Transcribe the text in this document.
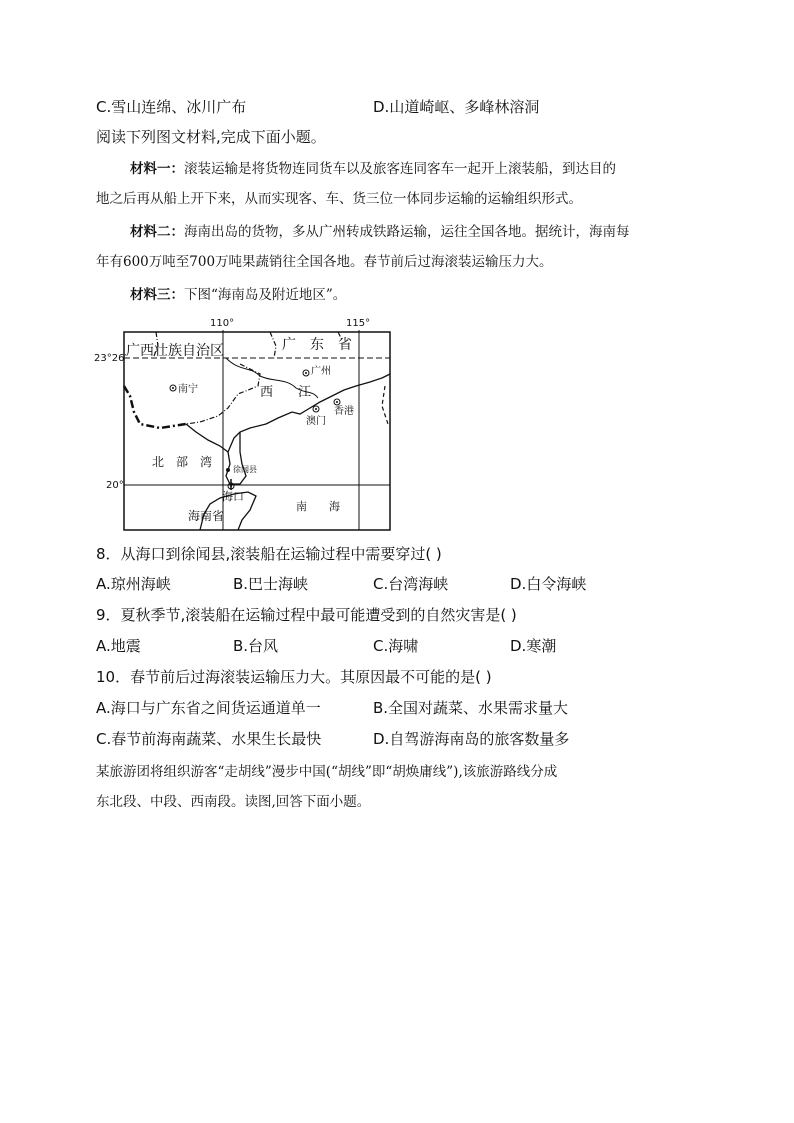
C.雪山连绵、冰川广布	D.山道崎岖、多峰林溶洞
阅读下列图文材料,完成下面小题。
材料一：滚装运输是将货物连同货车以及旅客连同客车一起开上滚装船，到达目的
地之后再从船上开下来，从而实现客、车、货三位一体同步运输的运输组织形式。
材料二：海南出岛的货物，多从广州转成铁路运输，运往全国各地。据统计，海南每
年有600万吨至700万吨果蔬销往全国各地。春节前后过海滚装运输压力大。
材料三：下图“海南岛及附近地区”。
110°	115°
23°26′
20°
广西壮族自治区	广　东　省
南宁
广州
西 江
澳门
香港
北　部　湾
徐闻县
海口
海南省
南　　海
8．从海口到徐闻县,滚装船在运输过程中需要穿过( )
A.琼州海峡	B.巴士海峡	C.台湾海峡	D.白令海峡
9．夏秋季节,滚装船在运输过程中最可能遭受到的自然灾害是( )
A.地震	B.台风	C.海啸	D.寒潮
10．春节前后过海滚装运输压力大。其原因最不可能的是( )
A.海口与广东省之间货运通道单一	B.全国对蔬菜、水果需求量大
C.春节前海南蔬菜、水果生长最快	D.自驾游海南岛的旅客数量多
某旅游团将组织游客“走胡线”漫步中国(“胡线”即“胡焕庸线”),该旅游路线分成
东北段、中段、西南段。读图,回答下面小题。
